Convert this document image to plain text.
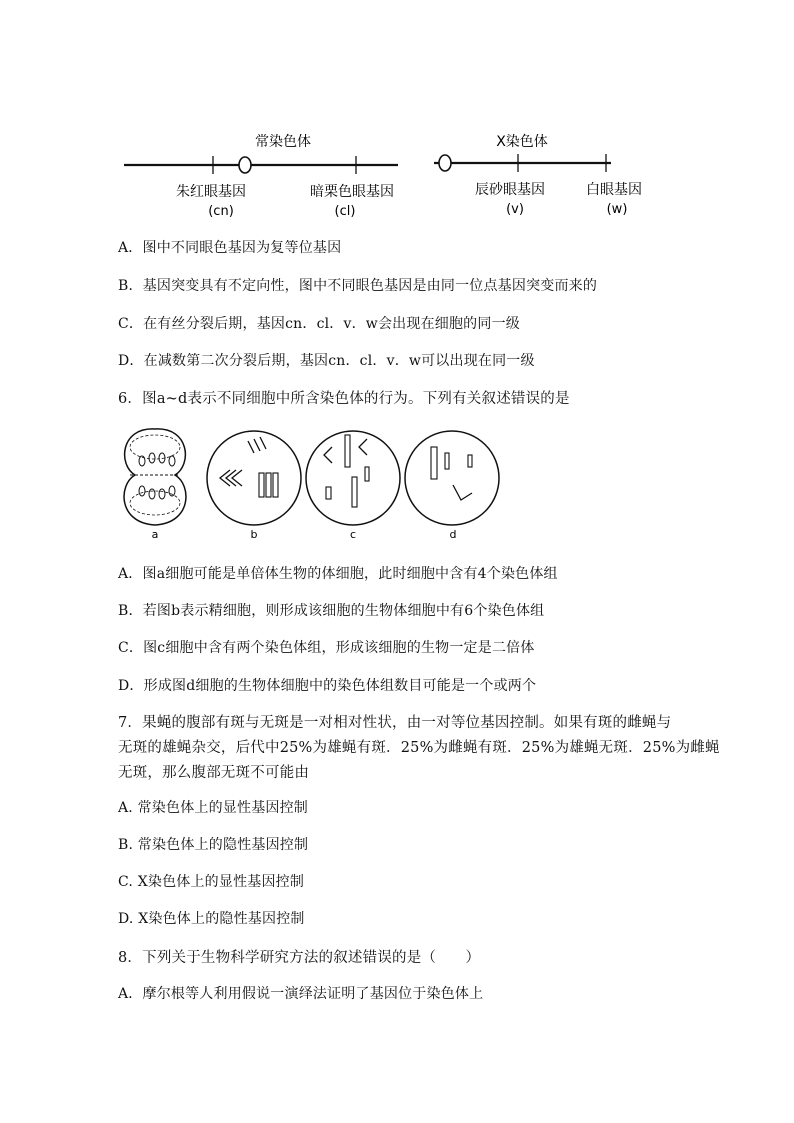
常染色体
朱红眼基因
(cn)
暗栗色眼基因
(cl)
X染色体
辰砂眼基因
(v)
白眼基因
(w)
A．图中不同眼色基因为复等位基因
B．基因突变具有不定向性，图中不同眼色基因是由同一位点基因突变而来的
C．在有丝分裂后期，基因cn．cl．v．w会出现在细胞的同一级
D．在减数第二次分裂后期，基因cn．cl．v．w可以出现在同一级
6．图a~d表示不同细胞中所含染色体的行为。下列有关叙述错误的是
a	b	c	d
A．图a细胞可能是单倍体生物的体细胞，此时细胞中含有4个染色体组
B．若图b表示精细胞，则形成该细胞的生物体细胞中有6个染色体组
C．图c细胞中含有两个染色体组，形成该细胞的生物一定是二倍体
D．形成图d细胞的生物体细胞中的染色体组数目可能是一个或两个
7．果蝇的腹部有斑与无斑是一对相对性状，由一对等位基因控制。如果有斑的雌蝇与
无斑的雄蝇杂交，后代中25%为雄蝇有斑．25%为雌蝇有斑．25%为雄蝇无斑．25%为雌蝇
无斑，那么腹部无斑不可能由
A. 常染色体上的显性基因控制
B. 常染色体上的隐性基因控制
C. X染色体上的显性基因控制
D. X染色体上的隐性基因控制
8．下列关于生物科学研究方法的叙述错误的是（　　）
A．摩尔根等人利用假说一演绎法证明了基因位于染色体上
